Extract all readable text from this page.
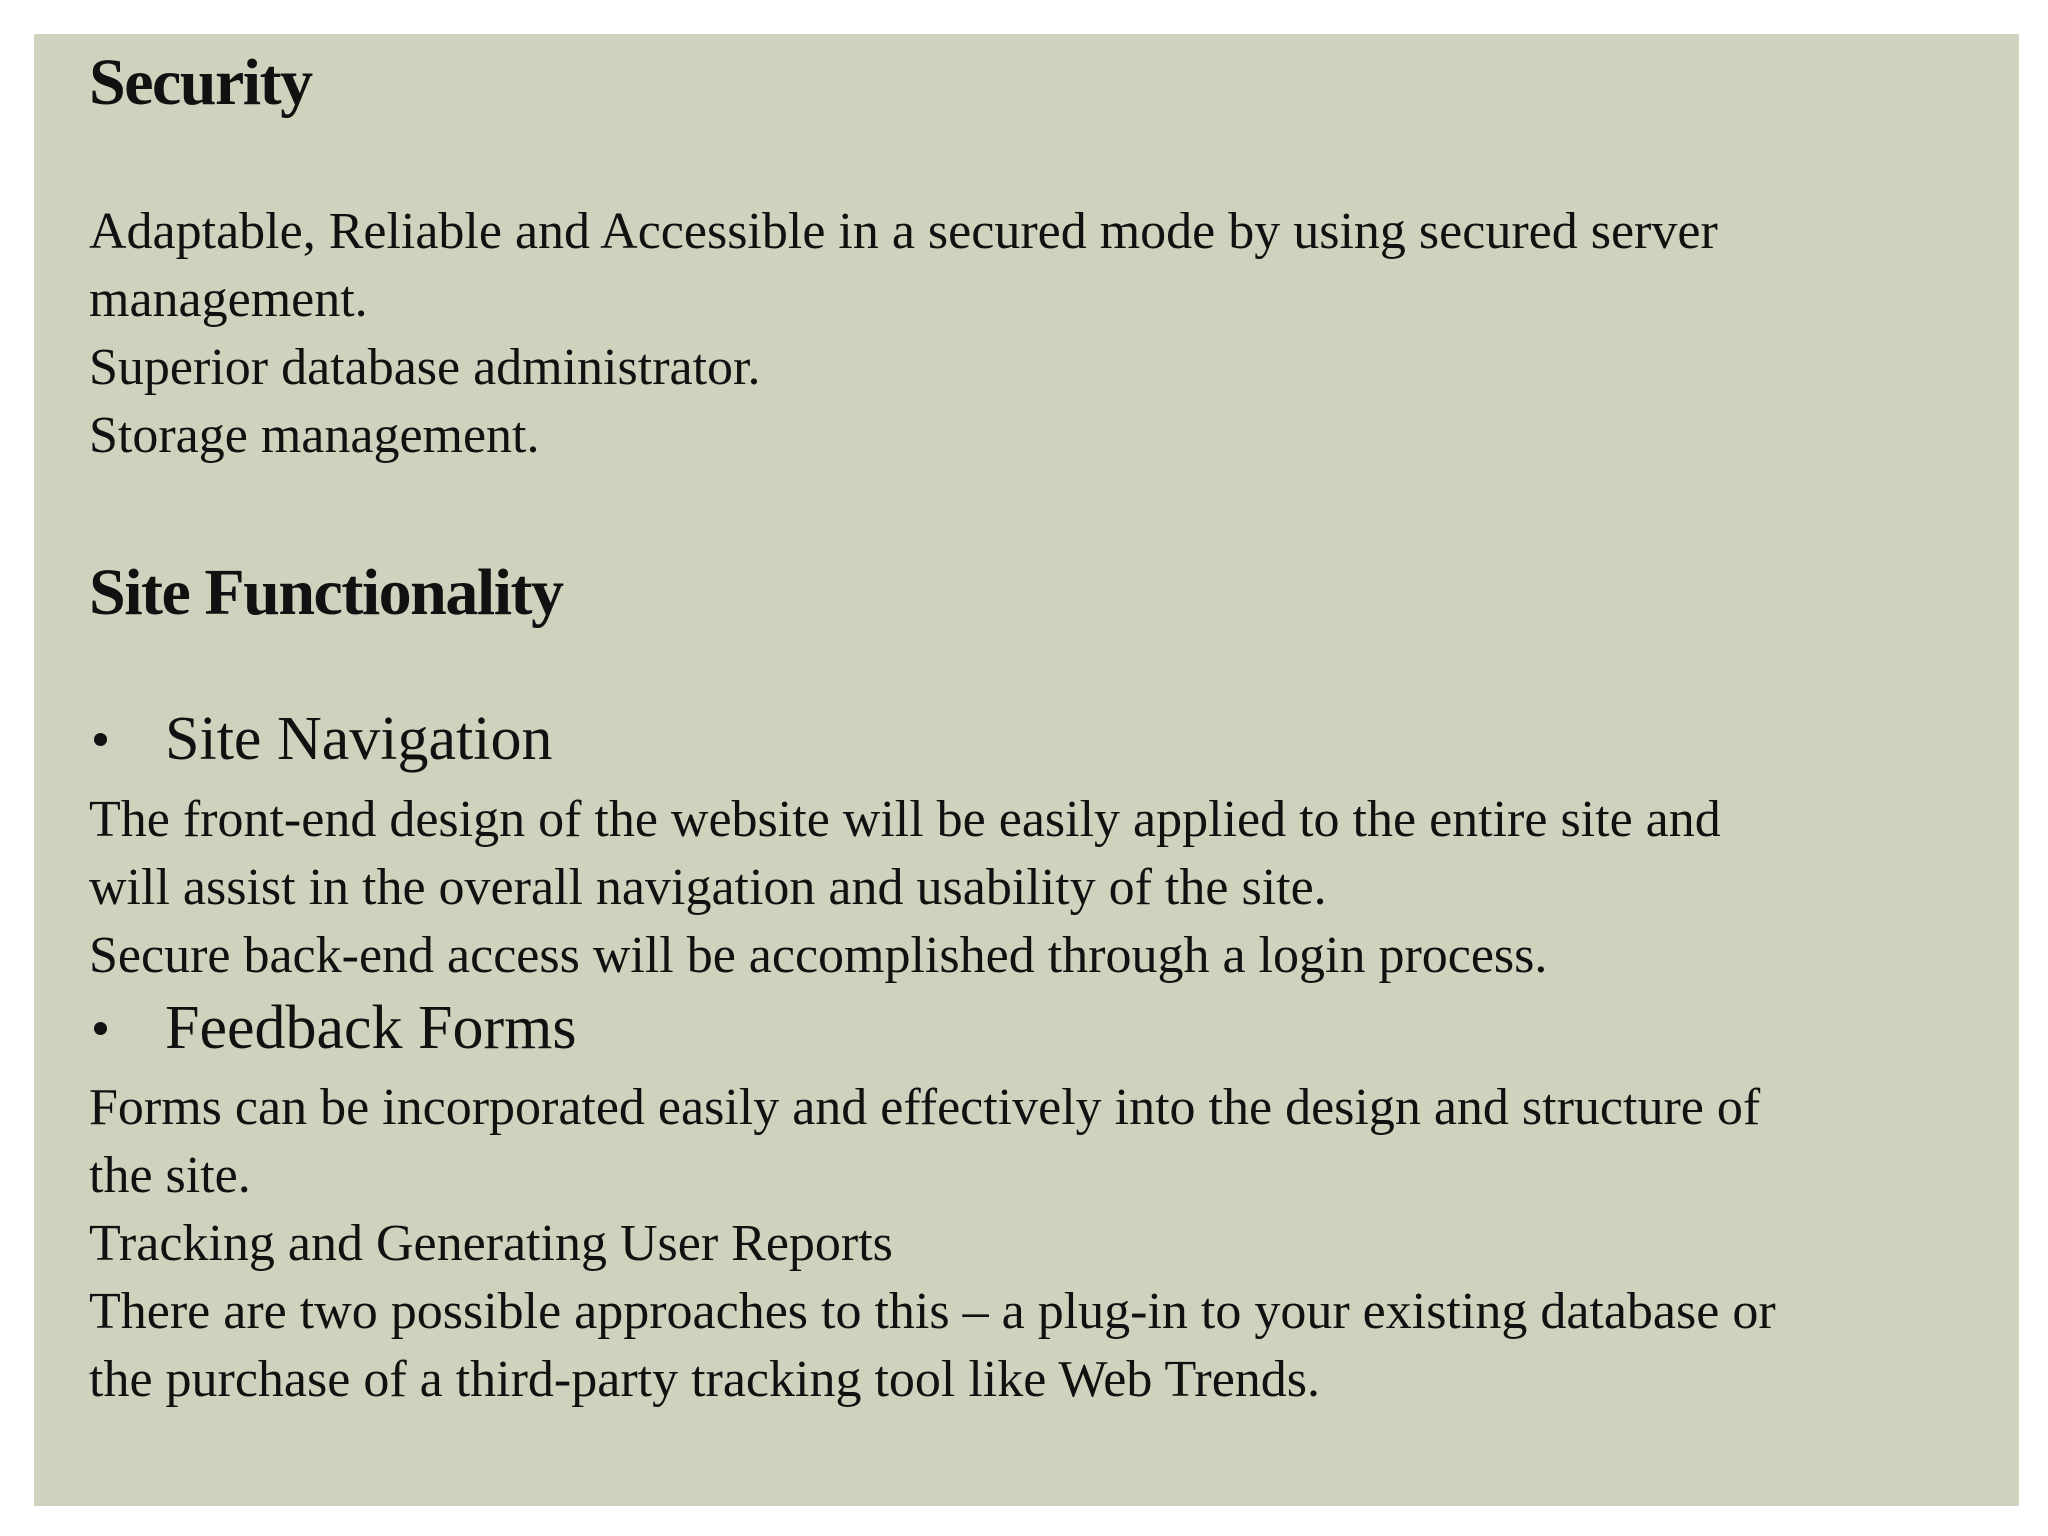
Security
Adaptable, Reliable and Accessible in a secured mode by using secured server
management.
Superior database administrator.
Storage management.
Site Functionality
Site Navigation
The front-end design of the website will be easily applied to the entire site and
will assist in the overall navigation and usability of the site.
Secure back-end access will be accomplished through a login process.
Feedback Forms
Forms can be incorporated easily and effectively into the design and structure of
the site.
Tracking and Generating User Reports
There are two possible approaches to this – a plug-in to your existing database or
the purchase of a third-party tracking tool like Web Trends.
